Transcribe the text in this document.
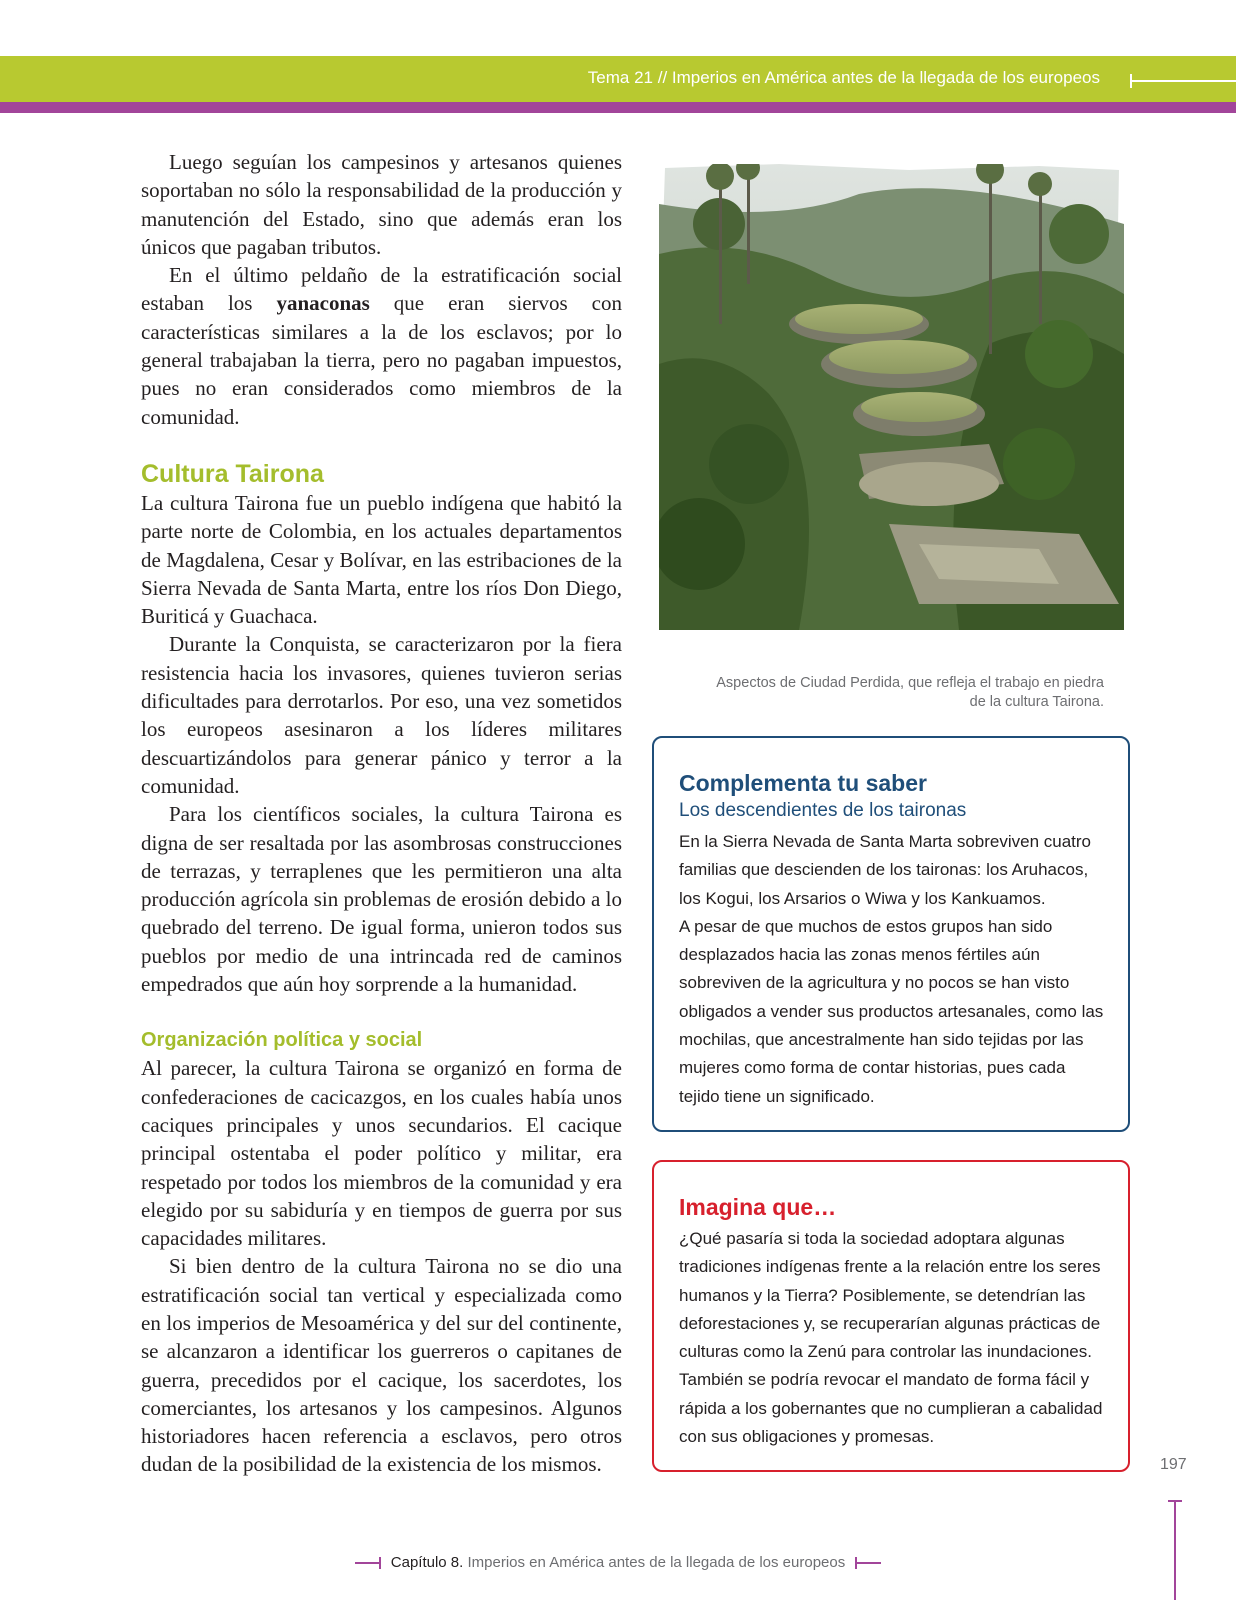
Tema 21 // Imperios en América antes de la llegada de los europeos

Luego seguían los campesinos y artesanos quienes soportaban no sólo la responsabilidad de la producción y manutención del Estado, sino que además eran los únicos que pagaban tributos.

En el último peldaño de la estratificación social estaban los yanaconas que eran siervos con características similares a la de los esclavos; por lo general trabajaban la tierra, pero no pagaban impuestos, pues no eran considerados como miembros de la comunidad.

Cultura Tairona

La cultura Tairona fue un pueblo indígena que habitó la parte norte de Colombia, en los actuales departamentos de Magdalena, Cesar y Bolívar, en las estribaciones de la Sierra Nevada de Santa Marta, entre los ríos Don Diego, Buriticá y Guachaca.

Durante la Conquista, se caracterizaron por la fiera resistencia hacia los invasores, quienes tuvieron serias dificultades para derrotarlos. Por eso, una vez sometidos los europeos asesinaron a los líderes militares descuartizándolos para generar pánico y terror a la comunidad.

Para los científicos sociales, la cultura Tairona es digna de ser resaltada por las asombrosas construcciones de terrazas, y terraplenes que les permitieron una alta producción agrícola sin problemas de erosión debido a lo quebrado del terreno. De igual forma, unieron todos sus pueblos por medio de una intrincada red de caminos empedrados que aún hoy sorprende a la humanidad.

Organización política y social

Al parecer, la cultura Tairona se organizó en forma de confederaciones de cacicazgos, en los cuales había unos caciques principales y unos secundarios. El cacique principal ostentaba el poder político y militar, era respetado por todos los miembros de la comunidad y era elegido por su sabiduría y en tiempos de guerra por sus capacidades militares.

Si bien dentro de la cultura Tairona no se dio una estratificación social tan vertical y especializada como en los imperios de Mesoamérica y del sur del continente, se alcanzaron a identificar los guerreros o capitanes de guerra, precedidos por el cacique, los sacerdotes, los comerciantes, los artesanos y los campesinos. Algunos historiadores hacen referencia a esclavos, pero otros dudan de la posibilidad de la existencia de los mismos.

Aspectos de Ciudad Perdida, que refleja el trabajo en piedra
de la cultura Tairona.
Complementa tu saber
Los descendientes de los taironas

En la Sierra Nevada de Santa Marta sobreviven cuatro familias que descienden de los taironas: los Aruhacos, los Kogui, los Arsarios o Wiwa y los Kankuamos.

A pesar de que muchos de estos grupos han sido desplazados hacia las zonas menos fértiles aún sobreviven de la agricultura y no pocos se han visto obligados a vender sus productos artesanales, como las mochilas, que ancestralmente han sido tejidas por las mujeres como forma de contar historias, pues cada tejido tiene un significado.

Imagina que…

¿Qué pasaría si toda la sociedad adoptara algunas tradiciones indígenas frente a la relación entre los seres humanos y la Tierra? Posiblemente, se detendrían las deforestaciones y, se recuperarían algunas prácticas de culturas como la Zenú para controlar las inundaciones. También se podría revocar el mandato de forma fácil y rápida a los gobernantes que no cumplieran a cabalidad con sus obligaciones y promesas.

197
Capítulo 8. Imperios en América antes de la llegada de los europeos
